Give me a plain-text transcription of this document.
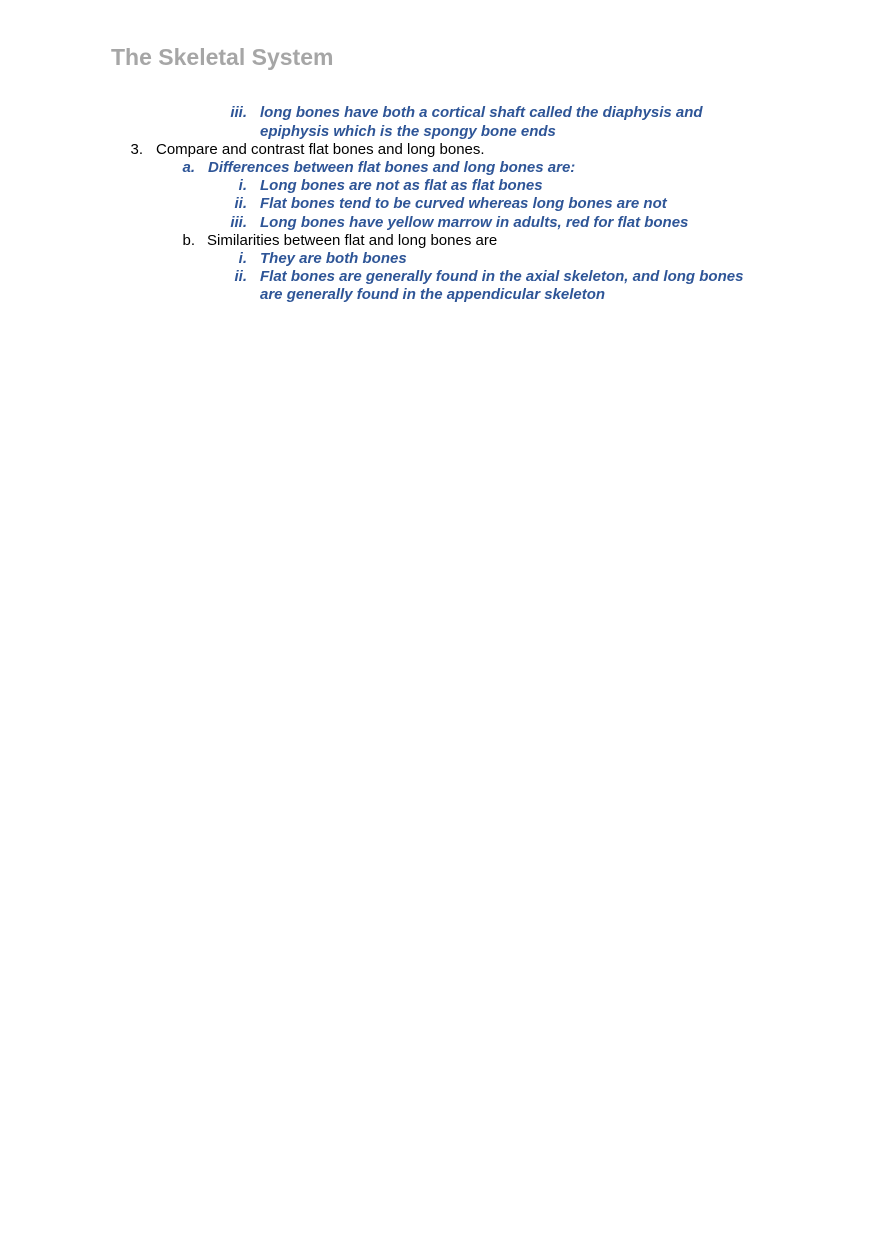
The Skeletal System
iii. long bones have both a cortical shaft called the diaphysis and
epiphysis which is the spongy bone ends
3. Compare and contrast flat bones and long bones.
a. Differences between flat bones and long bones are:
i. Long bones are not as flat as flat bones
ii. Flat bones tend to be curved whereas long bones are not
iii. Long bones have yellow marrow in adults, red for flat bones
b. Similarities between flat and long bones are
i. They are both bones
ii. Flat bones are generally found in the axial skeleton, and long bones
are generally found in the appendicular skeleton
